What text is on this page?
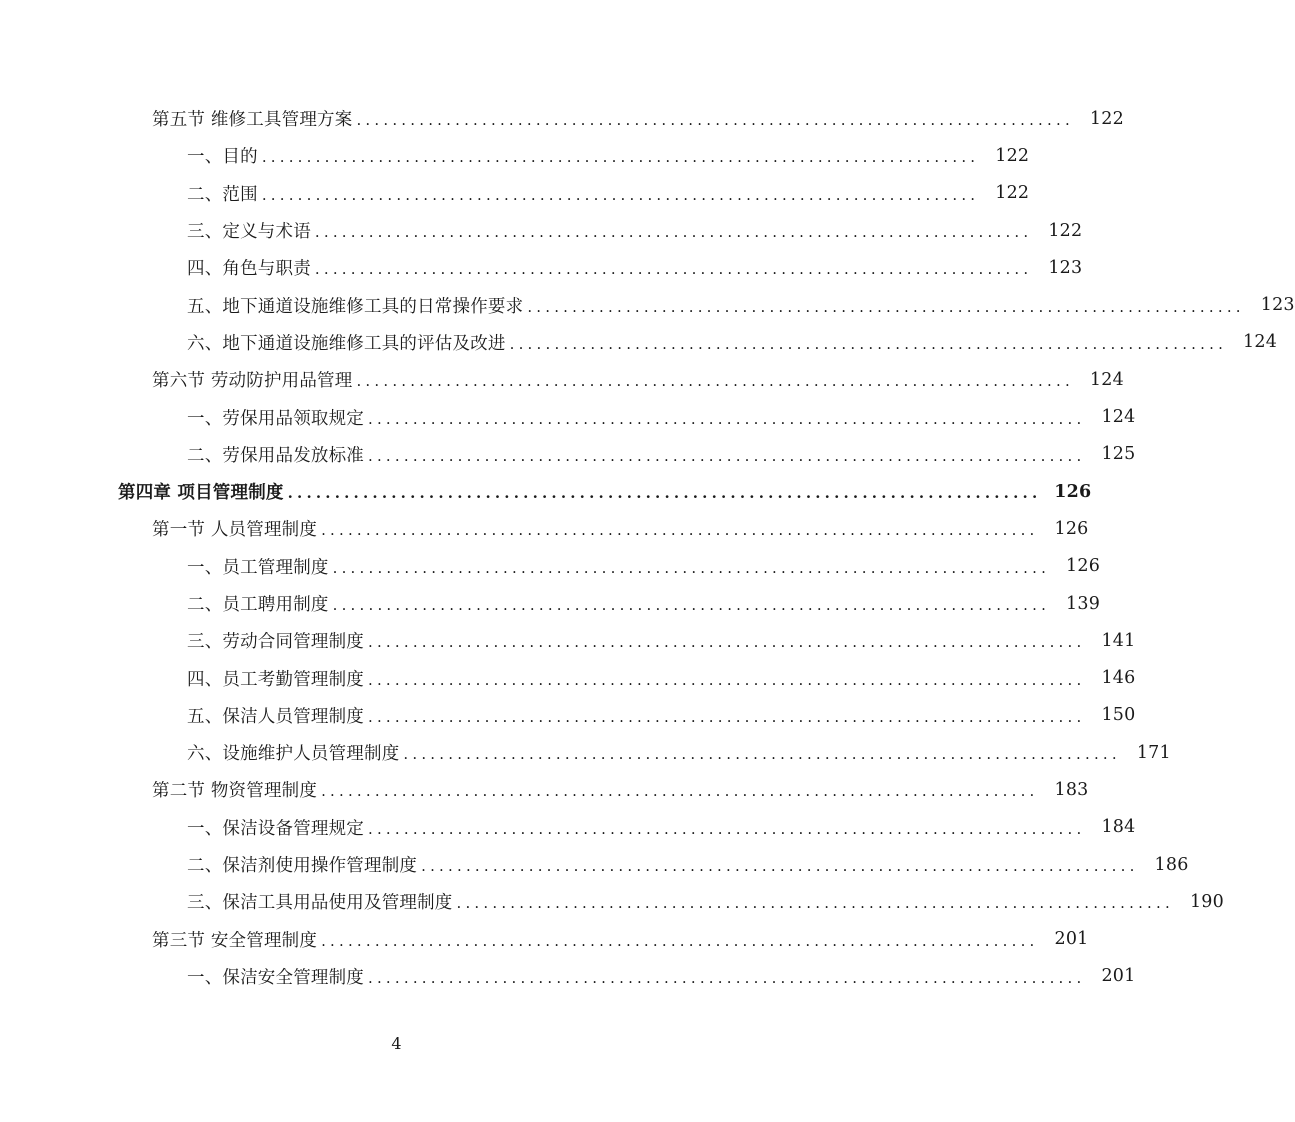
第五节 维修工具管理方案 ................................................................................ 122
一、目的 ................................................................................ 122
二、范围 ................................................................................ 122
三、定义与术语 ................................................................................ 122
四、角色与职责 ................................................................................ 123
五、地下通道设施维修工具的日常操作要求 ................................................................................ 123
六、地下通道设施维修工具的评估及改进 ................................................................................ 124
第六节 劳动防护用品管理 ................................................................................ 124
一、劳保用品领取规定 ................................................................................ 124
二、劳保用品发放标准 ................................................................................ 125
第四章 项目管理制度 ................................................................................ 126
第一节 人员管理制度 ................................................................................ 126
一、员工管理制度 ................................................................................ 126
二、员工聘用制度 ................................................................................ 139
三、劳动合同管理制度 ................................................................................ 141
四、员工考勤管理制度 ................................................................................ 146
五、保洁人员管理制度 ................................................................................ 150
六、设施维护人员管理制度 ................................................................................ 171
第二节 物资管理制度 ................................................................................ 183
一、保洁设备管理规定 ................................................................................ 184
二、保洁剂使用操作管理制度 ................................................................................ 186
三、保洁工具用品使用及管理制度 ................................................................................ 190
第三节 安全管理制度 ................................................................................ 201
一、保洁安全管理制度 ................................................................................ 201
4
